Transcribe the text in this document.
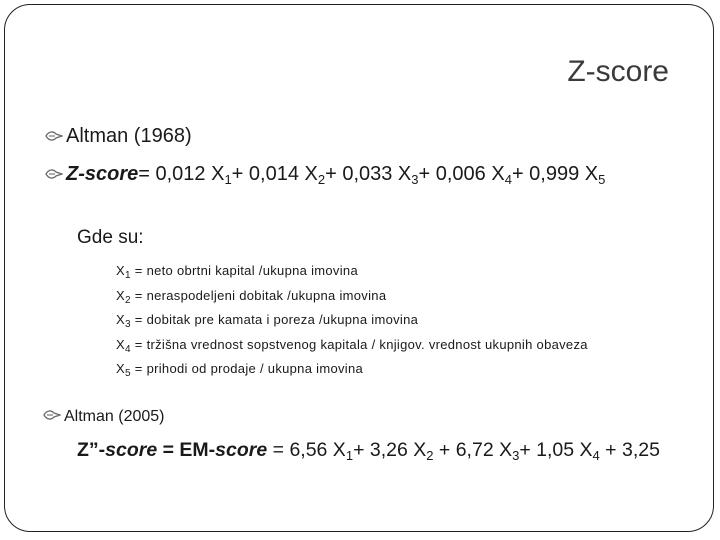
Z-score
Altman (1968)
Z-score = 0,012 $X_1 + 0,014$ $X_2 + 0,033$ $X_3 + 0,006$ $X_4 + 0,999$ $X_5$
Gde su:
$X_1$ = neto obrtni kapital /ukupna imovina
$X_2$ = neraspodeljeni dobitak /ukupna imovina
$X_3$ = dobitak pre kamata i poreza /ukupna imovina
$X_4$ = tržišna vrednost sopstvenog kapitala / knjigov. vrednost ukupnih obaveza
$X_5$ = prihodi od prodaje / ukupna imovina
Altman (2005)
Z”-score = EM-score = 6,56 $X_1+ 3,26$ $X_2 + 6,72$ $X_3+ 1,05$ $X_4 + 3,25$
